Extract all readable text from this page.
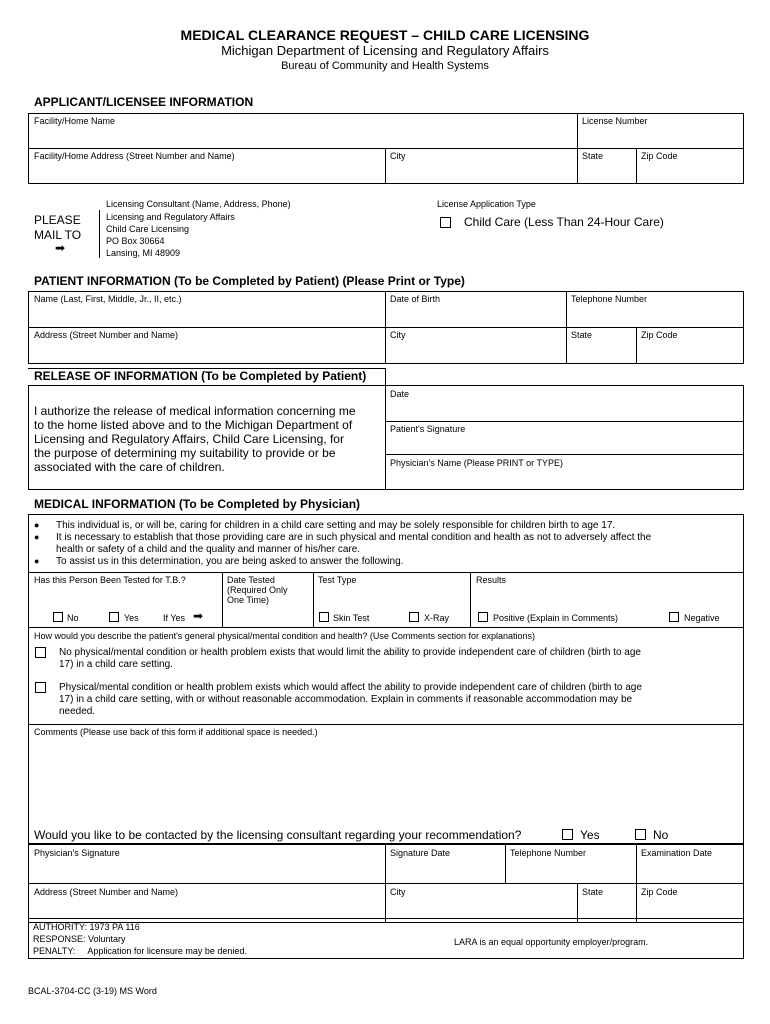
MEDICAL CLEARANCE REQUEST – CHILD CARE LICENSING
Michigan Department of Licensing and Regulatory Affairs
Bureau of Community and Health Systems
APPLICANT/LICENSEE INFORMATION
Facility/Home Name	License Number
Facility/Home Address (Street Number and Name)	City	State	Zip Code
PLEASE
MAIL TO
➡
Licensing Consultant (Name, Address, Phone)
Licensing and Regulatory Affairs
Child Care Licensing
PO Box 30664
Lansing, MI 48909
License Application Type
Child Care (Less Than 24-Hour Care)
PATIENT INFORMATION (To be Completed by Patient) (Please Print or Type)
Name (Last, First, Middle, Jr., II, etc.)	Date of Birth	Telephone Number
Address (Street Number and Name)	City	State	Zip Code
RELEASE OF INFORMATION (To be Completed by Patient)
I authorize the release of medical information concerning me
to the home listed above and to the Michigan Department of
Licensing and Regulatory Affairs, Child Care Licensing, for
the purpose of determining my suitability to provide or be
associated with the care of children.
Date
Patient's Signature
Physician's Name (Please PRINT or TYPE)
MEDICAL INFORMATION (To be Completed by Physician)
● This individual is, or will be, caring for children in a child care setting and may be solely responsible for children birth to age 17.
● It is necessary to establish that those providing care are in such physical and mental condition and health as not to adversely affect the
health or safety of a child and the quality and manner of his/her care.
● To assist us in this determination, you are being asked to answer the following.
Has this Person Been Tested for T.B.?	Date Tested
(Required Only
One Time)
Test Type	Results
No	Yes	If Yes ➡	Skin Test	X-Ray	Positive (Explain in Comments)	Negative
How would you describe the patient's general physical/mental condition and health? (Use Comments section for explanations)
No physical/mental condition or health problem exists that would limit the ability to provide independent care of children (birth to age
17) in a child care setting.
Physical/mental condition or health problem exists which would affect the ability to provide independent care of children (birth to age
17) in a child care setting, with or without reasonable accommodation. Explain in comments if reasonable accommodation may be
needed.
Comments (Please use back of this form if additional space is needed.)
Would you like to be contacted by the licensing consultant regarding your recommendation?	Yes	No
Physician's Signature	Signature Date	Telephone Number	Examination Date
Address (Street Number and Name)	City	State	Zip Code
AUTHORITY: 1973 PA 116
RESPONSE: Voluntary
PENALTY:     Application for licensure may be denied.
LARA is an equal opportunity employer/program.
BCAL-3704-CC (3-19) MS Word
